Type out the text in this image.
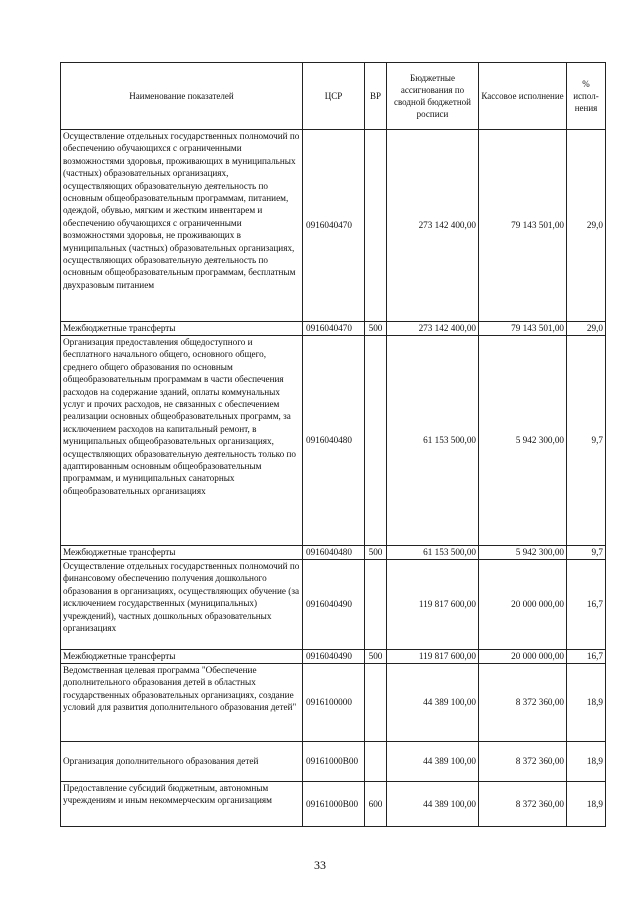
Наименование показателей	ЦСР	ВР	Бюджетные ассигнования по сводной бюджетной росписи	Кассовое исполнение	% испол-нения
Осуществление отдельных государственных полномочий по обеспечению обучающихся с ограниченными возможностями здоровья, проживающих в муниципальных (частных) образовательных организациях, осуществляющих образовательную деятельность по основным общеобразовательным программам, питанием, одеждой, обувью, мягким и жестким инвентарем и обеспечению обучающихся с ограниченными возможностями здоровья, не проживающих в муниципальных (частных) образовательных организациях, осуществляющих образовательную деятельность по основным общеобразовательным программам, бесплатным двухразовым питанием	0916040470		273 142 400,00	79 143 501,00	29,0
Межбюджетные трансферты	0916040470	500	273 142 400,00	79 143 501,00	29,0
Организация предоставления общедоступного и бесплатного начального общего, основного общего, среднего общего образования по основным общеобразовательным программам в части обеспечения расходов на содержание зданий, оплаты коммунальных услуг и прочих расходов, не связанных с обеспечением реализации основных общеобразовательных программ, за исключением расходов на капитальный ремонт, в муниципальных общеобразовательных организациях, осуществляющих образовательную деятельность только по адаптированным основным общеобразовательным программам, и муниципальных санаторных общеобразовательных организациях	0916040480		61 153 500,00	5 942 300,00	9,7
Межбюджетные трансферты	0916040480	500	61 153 500,00	5 942 300,00	9,7
Осуществление отдельных государственных полномочий по финансовому обеспечению получения дошкольного образования в организациях, осуществляющих обучение (за исключением государственных (муниципальных) учреждений), частных дошкольных образовательных организациях	0916040490		119 817 600,00	20 000 000,00	16,7
Межбюджетные трансферты	0916040490	500	119 817 600,00	20 000 000,00	16,7
Ведомственная целевая программа "Обеспечение дополнительного образования детей в областных государственных образовательных организациях, создание условий для развития дополнительного образования детей"	0916100000		44 389 100,00	8 372 360,00	18,9
Организация дополнительного образования детей	09161000В00		44 389 100,00	8 372 360,00	18,9
Предоставление субсидий бюджетным, автономным учреждениям и иным некоммерческим организациям	09161000В00	600	44 389 100,00	8 372 360,00	18,9
33
